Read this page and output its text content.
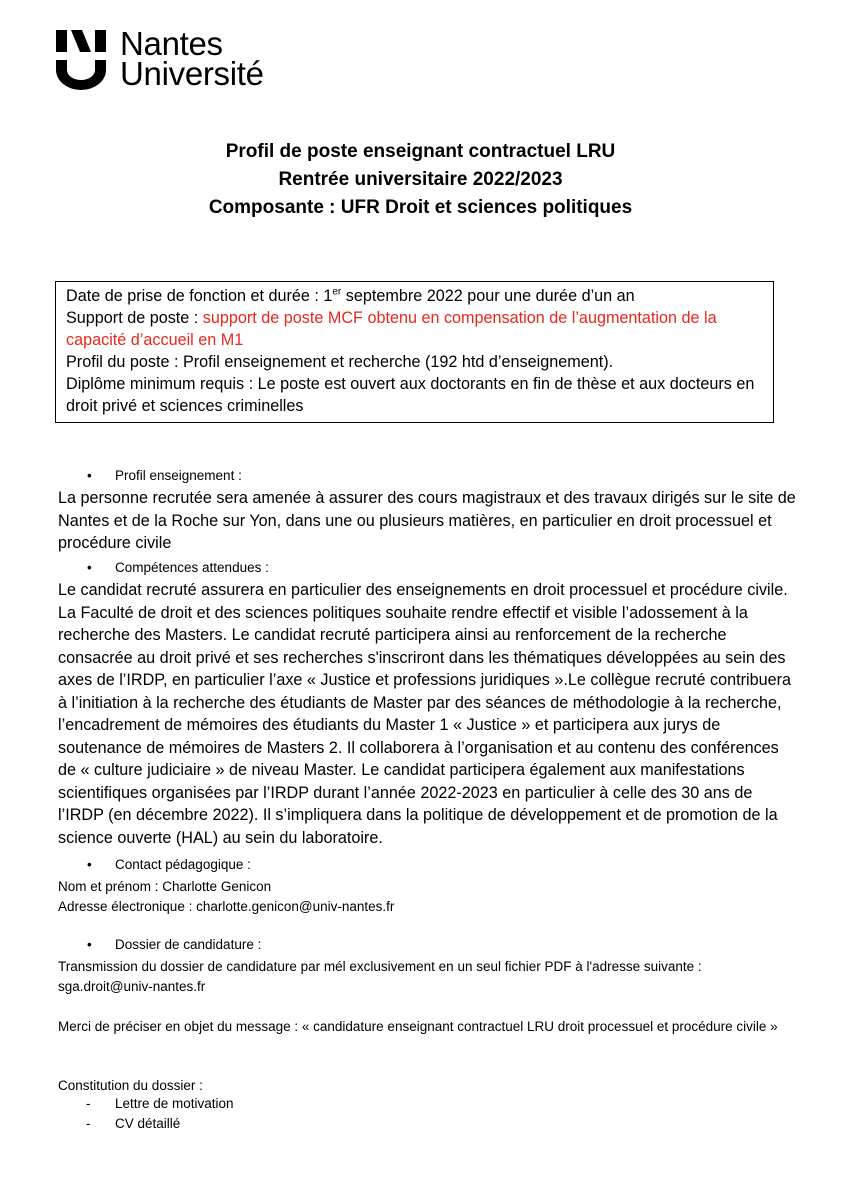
Nantes
Université
Profil de poste enseignant contractuel LRU
Rentrée universitaire 2022/2023
Composante : UFR Droit et sciences politiques
Date de prise de fonction et durée : 1er septembre 2022 pour une durée d’un an
Support de poste : support de poste MCF obtenu en compensation de l’augmentation de la capacité d’accueil en M1
Profil du poste : Profil enseignement et recherche (192 htd d’enseignement).
Diplôme minimum requis : Le poste est ouvert aux doctorants en fin de thèse et aux docteurs en droit privé et sciences criminelles
•	Profil enseignement :
La personne recrutée sera amenée à assurer des cours magistraux et des travaux dirigés sur le site de Nantes et de la Roche sur Yon, dans une ou plusieurs matières, en particulier en droit processuel et procédure civile
•	Compétences attendues :
Le candidat recruté assurera en particulier des enseignements en droit processuel et procédure civile. La Faculté de droit et des sciences politiques souhaite rendre effectif et visible l’adossement à la recherche des Masters. Le candidat recruté participera ainsi au renforcement de la recherche consacrée au droit privé et ses recherches s'inscriront dans les thématiques développées au sein des axes de l’IRDP, en particulier l’axe « Justice et professions juridiques ».Le collègue recruté contribuera à l’initiation à la recherche des étudiants de Master par des séances de méthodologie à la recherche, l’encadrement de mémoires des étudiants du Master 1 « Justice » et participera aux jurys de soutenance de mémoires de Masters 2. Il collaborera à l’organisation et au contenu des conférences de « culture judiciaire » de niveau Master. Le candidat participera également aux manifestations scientifiques organisées par l’IRDP durant l’année 2022-2023 en particulier à celle des 30 ans de l’IRDP (en décembre 2022). Il s’impliquera dans la politique de développement et de promotion de la science ouverte (HAL) au sein du laboratoire.
•	Contact pédagogique :
Nom et prénom : Charlotte Genicon
Adresse électronique : charlotte.genicon@univ-nantes.fr
•	Dossier de candidature :
Transmission du dossier de candidature par mél exclusivement en un seul fichier PDF à l'adresse suivante : sga.droit@univ-nantes.fr
Merci de préciser en objet du message : « candidature enseignant contractuel LRU droit processuel et procédure civile »
Constitution du dossier :
-	Lettre de motivation
-	CV détaillé
